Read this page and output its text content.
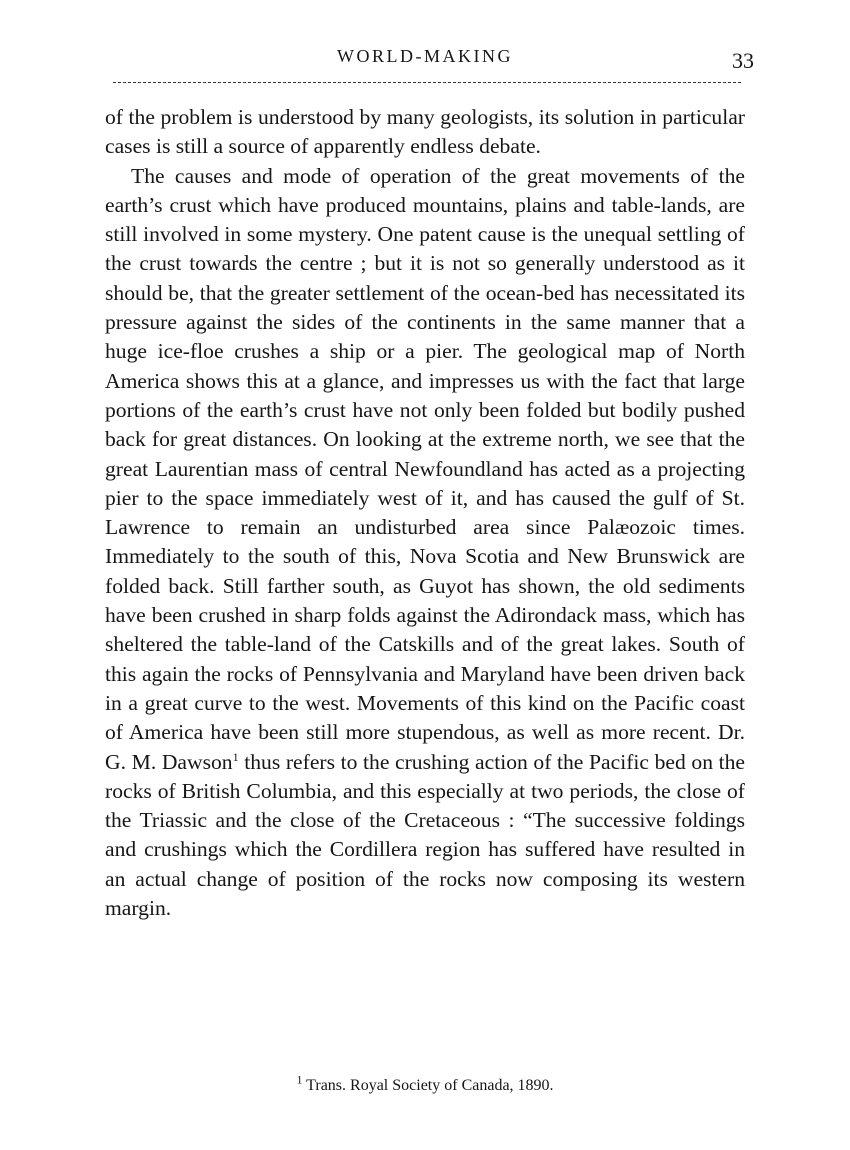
WORLD-MAKING	33

of the problem is understood by many geologists, its solution in particular cases is still a source of apparently endless debate.

The causes and mode of operation of the great movements of the earth’s crust which have produced mountains, plains and table-lands, are still involved in some mystery. One patent cause is the unequal settling of the crust towards the centre ; but it is not so generally understood as it should be, that the greater settlement of the ocean-bed has necessitated its pressure against the sides of the continents in the same manner that a huge ice-floe crushes a ship or a pier. The geological map of North America shows this at a glance, and impresses us with the fact that large portions of the earth’s crust have not only been folded but bodily pushed back for great distances. On looking at the extreme north, we see that the great Laurentian mass of central Newfoundland has acted as a projecting pier to the space immediately west of it, and has caused the gulf of St. Lawrence to remain an undisturbed area since Palæozoic times. Immediately to the south of this, Nova Scotia and New Brunswick are folded back. Still farther south, as Guyot has shown, the old sediments have been crushed in sharp folds against the Adirondack mass, which has sheltered the table-land of the Catskills and of the great lakes. South of this again the rocks of Pennsylvania and Maryland have been driven back in a great curve to the west. Movements of this kind on the Pacific coast of America have been still more stupendous, as well as more recent. Dr. G. M. Dawson$^1$ thus refers to the crushing action of the Pacific bed on the rocks of British Columbia, and this especially at two periods, the close of the Triassic and the close of the Cretaceous : “The successive foldings and crushings which the Cordillera region has suffered have resulted in an actual change of position of the rocks now composing its western margin.

$^1$ Trans. Royal Society of Canada, 1890.
